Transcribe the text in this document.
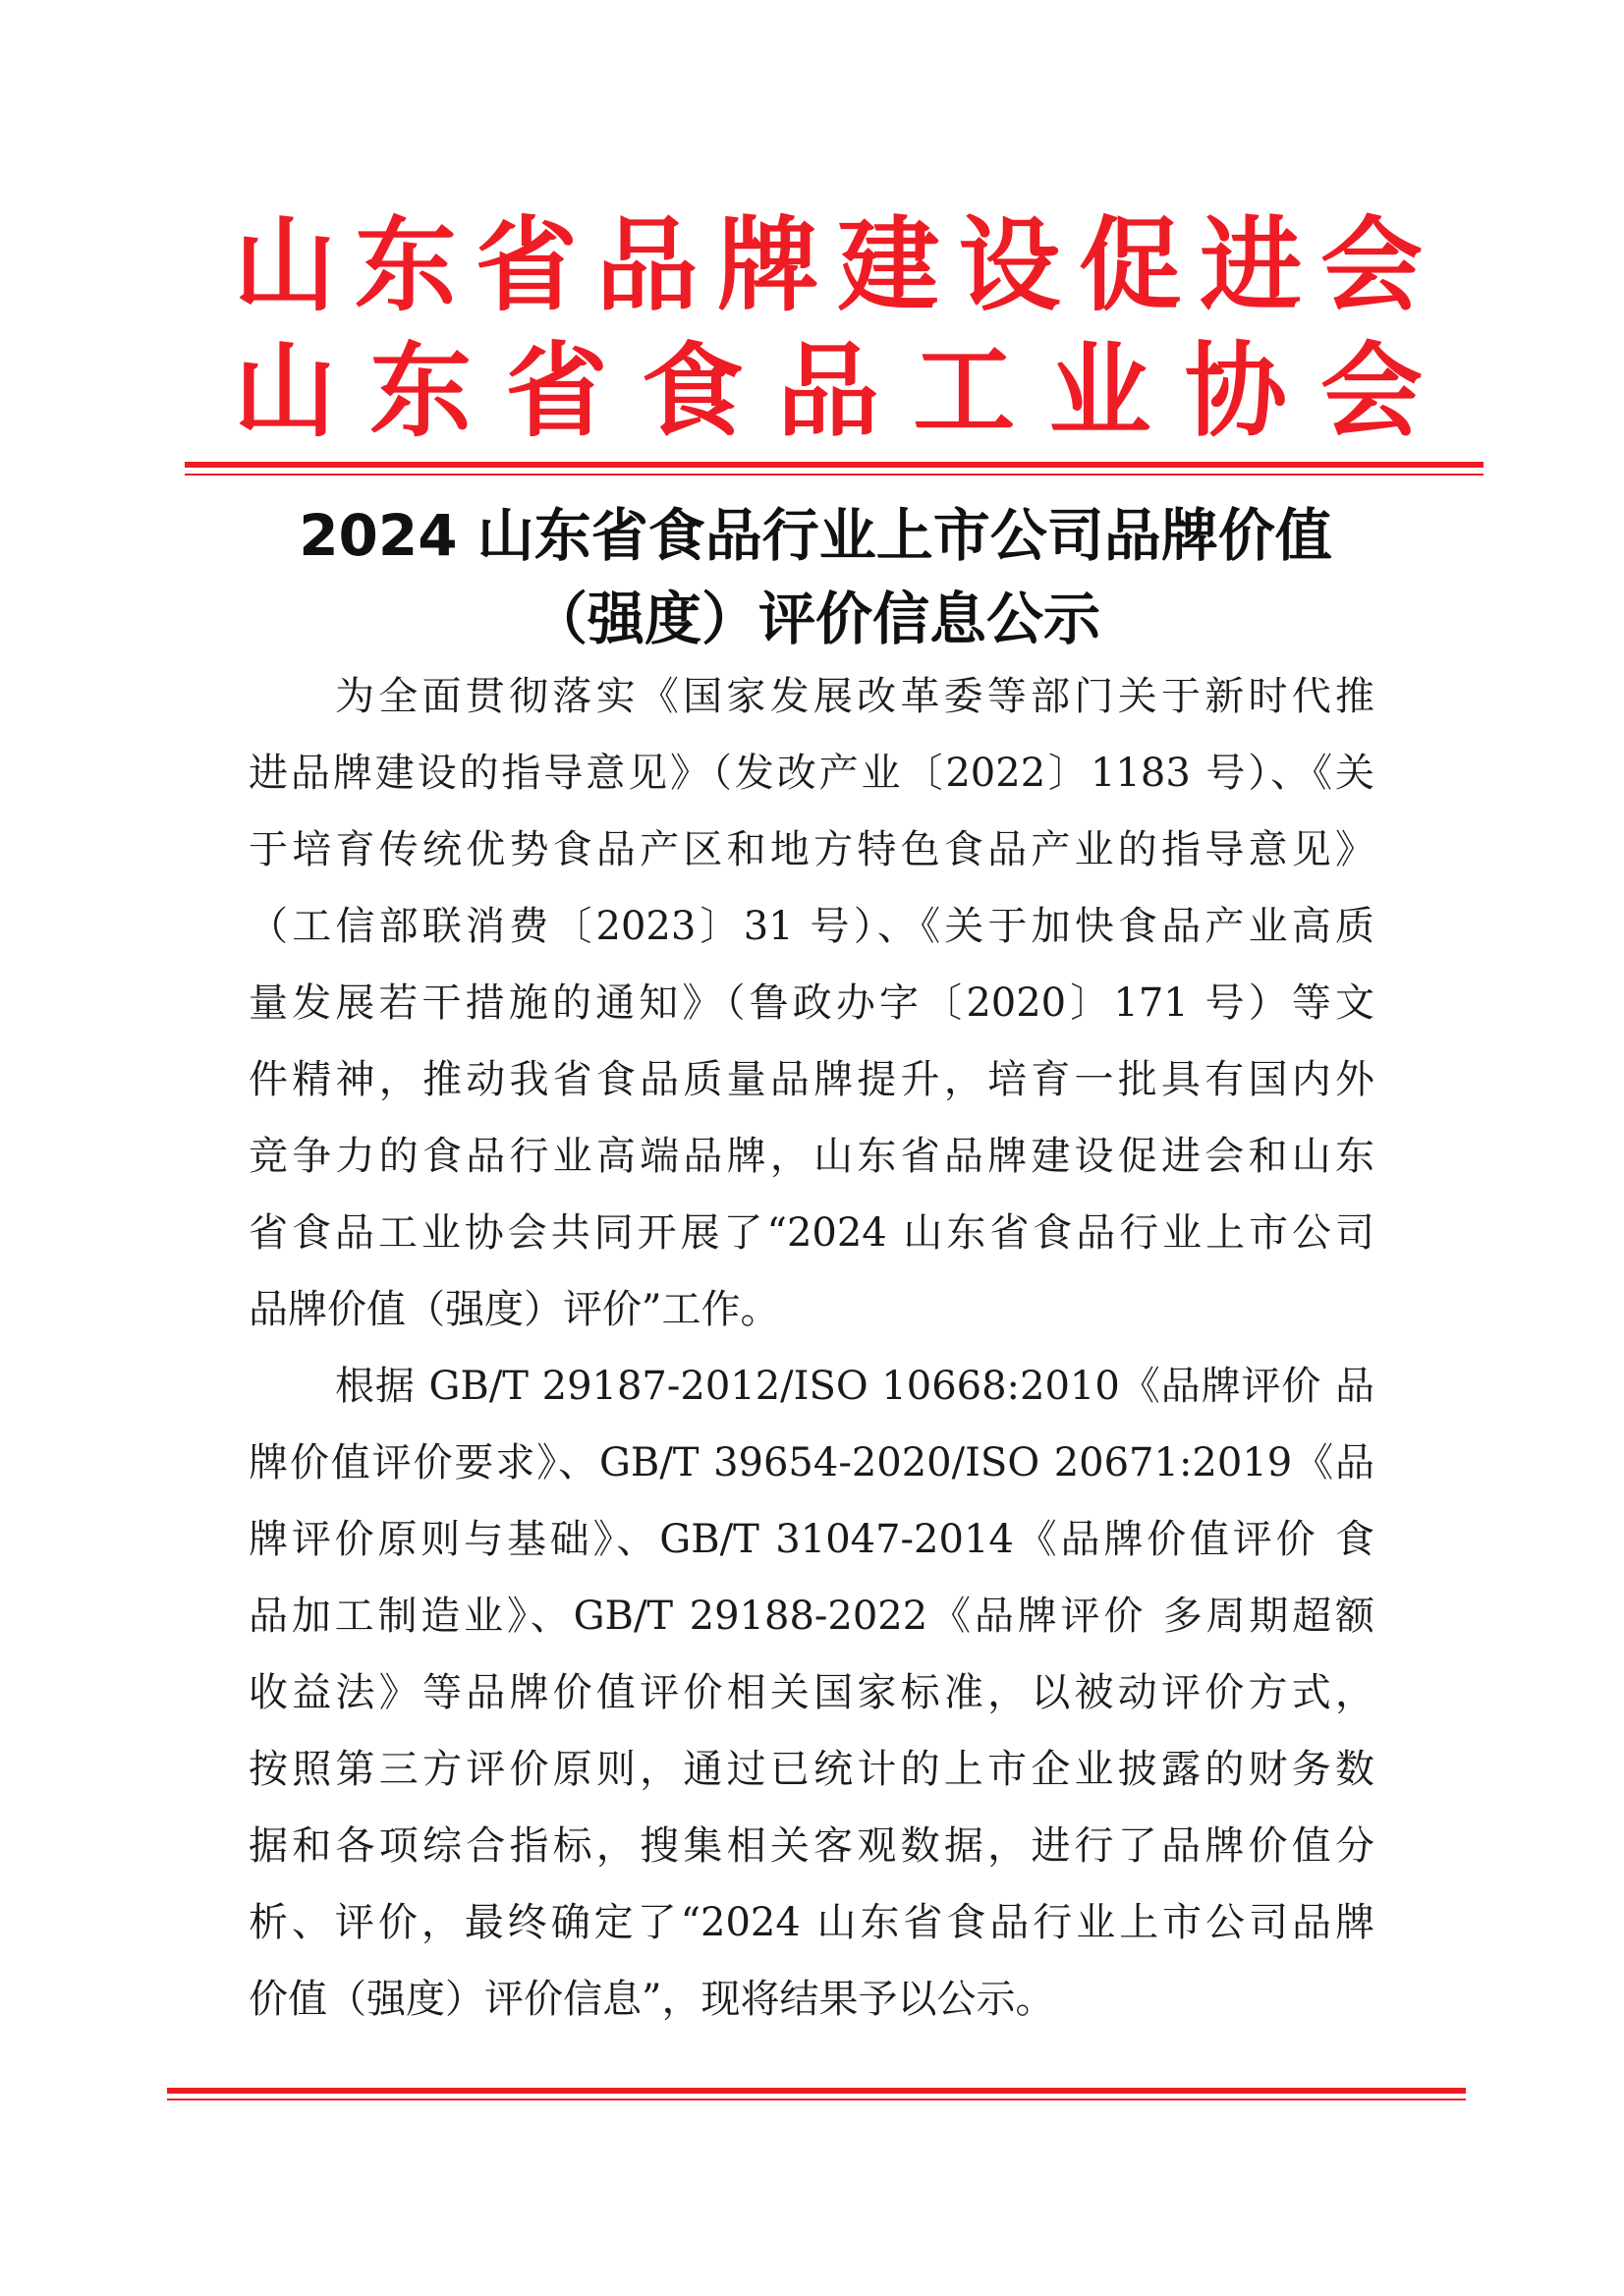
山东省品牌建设促进会
山东省食品工业协会
2024 山东省食品行业上市公司品牌价值
（强度）评价信息公示
为全面贯彻落实《国家发展改革委等部门关于新时代推
进品牌建设的指导意见》（发改产业〔2022〕1183 号）、《关
于培育传统优势食品产区和地方特色食品产业的指导意见》
（工信部联消费〔2023〕31 号）、《关于加快食品产业高质
量发展若干措施的通知》（鲁政办字〔2020〕171 号）等文
件精神，推动我省食品质量品牌提升，培育一批具有国内外
竞争力的食品行业高端品牌，山东省品牌建设促进会和山东
省食品工业协会共同开展了“2024 山东省食品行业上市公司
品牌价值（强度）评价”工作。
根据 GB/T 29187-2012/ISO 10668:2010《品牌评价 品
牌价值评价要求》、GB/T 39654-2020/ISO 20671:2019《品
牌评价原则与基础》、GB/T 31047-2014《品牌价值评价 食
品加工制造业》、GB/T 29188-2022《品牌评价 多周期超额
收益法》等品牌价值评价相关国家标准，以被动评价方式，
按照第三方评价原则，通过已统计的上市企业披露的财务数
据和各项综合指标，搜集相关客观数据，进行了品牌价值分
析、评价，最终确定了“2024 山东省食品行业上市公司品牌
价值（强度）评价信息”，现将结果予以公示。
